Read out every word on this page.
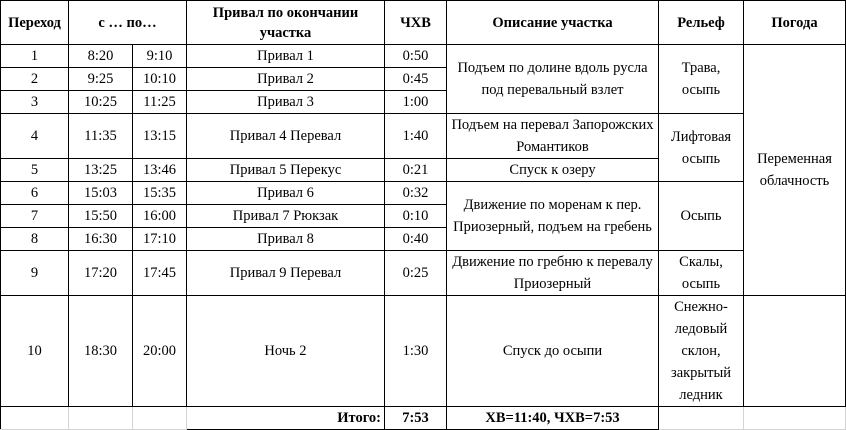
Переход	с … по…		Привал по окончании участка	ЧХВ	Описание участка	Рельеф	Погода
1	8:20	9:10	Привал 1	0:50	Подъем по долине вдоль русла под перевальный взлет	Трава, осыпь	Переменная облачность
2	9:25	10:10	Привал 2	0:45			
3	10:25	11:25	Привал 3	1:00			
4	11:35	13:15	Привал 4 Перевал	1:40	Подъем на перевал Запорожских Романтиков	Лифтовая осыпь	
5	13:25	13:46	Привал 5 Перекус	0:21	Спуск к озеру		
6	15:03	15:35	Привал 6	0:32	Движение по моренам к пер. Приозерный, подъем на гребень	Осыпь	
7	15:50	16:00	Привал 7 Рюкзак	0:10			
8	16:30	17:10	Привал 8	0:40			
9	17:20	17:45	Привал 9 Перевал	0:25	Движение по гребню к перевалу Приозерный	Скалы, осыпь	
10	18:30	20:00	Ночь 2	1:30	Спуск до осыпи	Снежно-ледовый склон, закрытый ледник	
			Итого:	7:53	ХВ=11:40, ЧХВ=7:53		
